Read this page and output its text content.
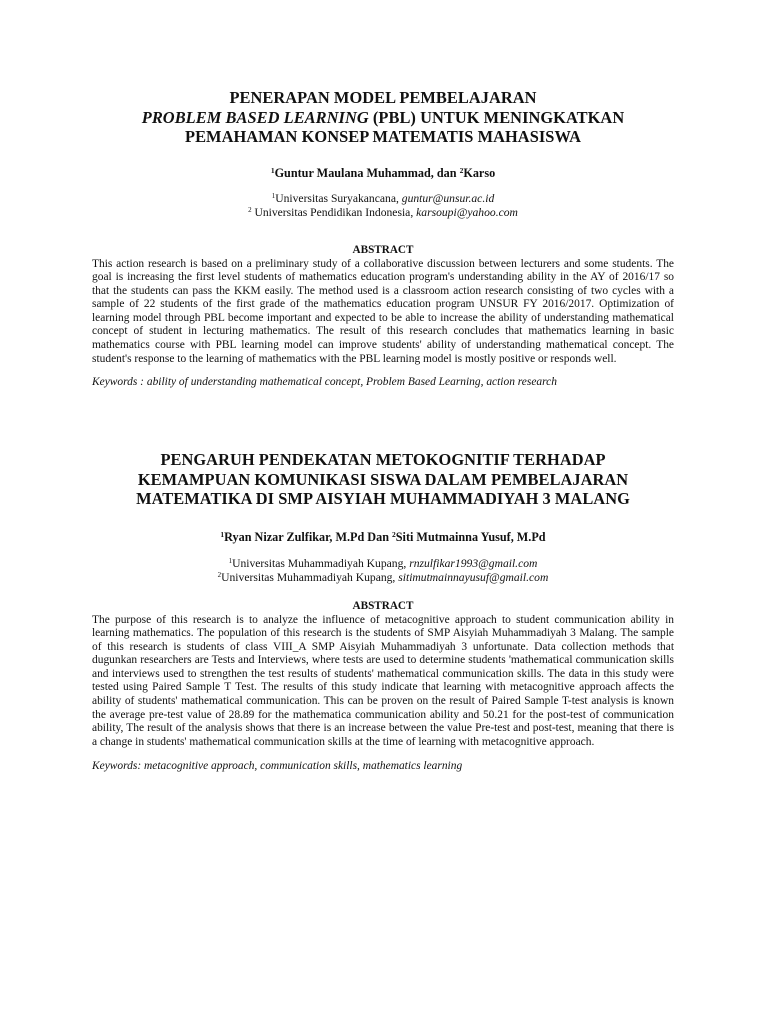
PENERAPAN MODEL PEMBELAJARAN
PROBLEM BASED LEARNING (PBL) UNTUK MENINGKATKAN
PEMAHAMAN KONSEP MATEMATIS MAHASISWA

$^1$Guntur Maulana Muhammad, dan $^2$Karso

$^1$Universitas Suryakancana, guntur@unsur.ac.id
$^2$ Universitas Pendidikan Indonesia, karsoupi@yahoo.com

ABSTRACT

This action research is based on a preliminary study of a collaborative discussion between lecturers and some students. The goal is increasing the first level students of mathematics education program's understanding ability in the AY of 2016/17 so that the students can pass the KKM easily. The method used is a classroom action research consisting of two cycles with a sample of 22 students of the first grade of the mathematics education program UNSUR FY 2016/2017. Optimization of learning model through PBL become important and expected to be able to increase the ability of understanding mathematical concept of student in lecturing mathematics. The result of this research concludes that mathematics learning in basic mathematics course with PBL learning model can improve students' ability of understanding mathematical concept. The student's response to the learning of mathematics with the PBL learning model is mostly positive or responds well.

Keywords : ability of understanding mathematical concept, Problem Based Learning, action research

PENGARUH PENDEKATAN METOKOGNITIF TERHADAP
KEMAMPUAN KOMUNIKASI SISWA DALAM PEMBELAJARAN
MATEMATIKA DI SMP AISYIAH MUHAMMADIYAH 3 MALANG

$^1$Ryan Nizar Zulfikar, M.Pd Dan $^2$Siti Mutmainna Yusuf, M.Pd

$^1$Universitas Muhammadiyah Kupang, rnzulfikar1993@gmail.com
$^2$Universitas Muhammadiyah Kupang, sitimutmainnayusuf@gmail.com

ABSTRACT

The purpose of this research is to analyze the influence of metacognitive approach to student communication ability in learning mathematics. The population of this research is the students of SMP Aisyiah Muhammadiyah 3 Malang. The sample of this research is students of class VIII_A SMP Aisyiah Muhammadiyah 3 unfortunate. Data collection methods that dugunkan researchers are Tests and Interviews, where tests are used to determine students 'mathematical communication skills and interviews used to strengthen the test results of students' mathematical communication skills. The data in this study were tested using Paired Sample T Test. The results of this study indicate that learning with metacognitive approach affects the ability of students' mathematical communication. This can be proven on the result of Paired Sample T-test analysis is known the average pre-test value of 28.89 for the mathematica communication ability and 50.21 for the post-test of communication ability, The result of the analysis shows that there is an increase between the value Pre-test and post-test, meaning that there is a change in students' mathematical communication skills at the time of learning with metacognitive approach.

Keywords: metacognitive approach, communication skills, mathematics learning
